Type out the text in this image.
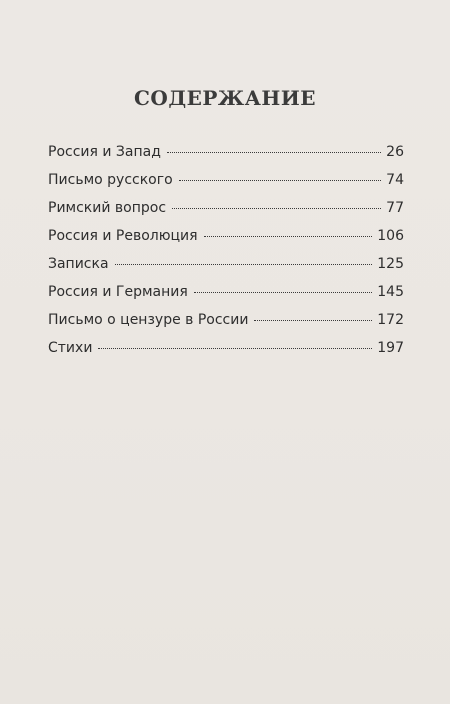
СОДЕРЖАНИЕ
Россия и Запад	26
Письмо русского	74
Римский вопрос	77
Россия и Революция	106
Записка	125
Россия и Германия	145
Письмо о цензуре в России	172
Стихи	197
